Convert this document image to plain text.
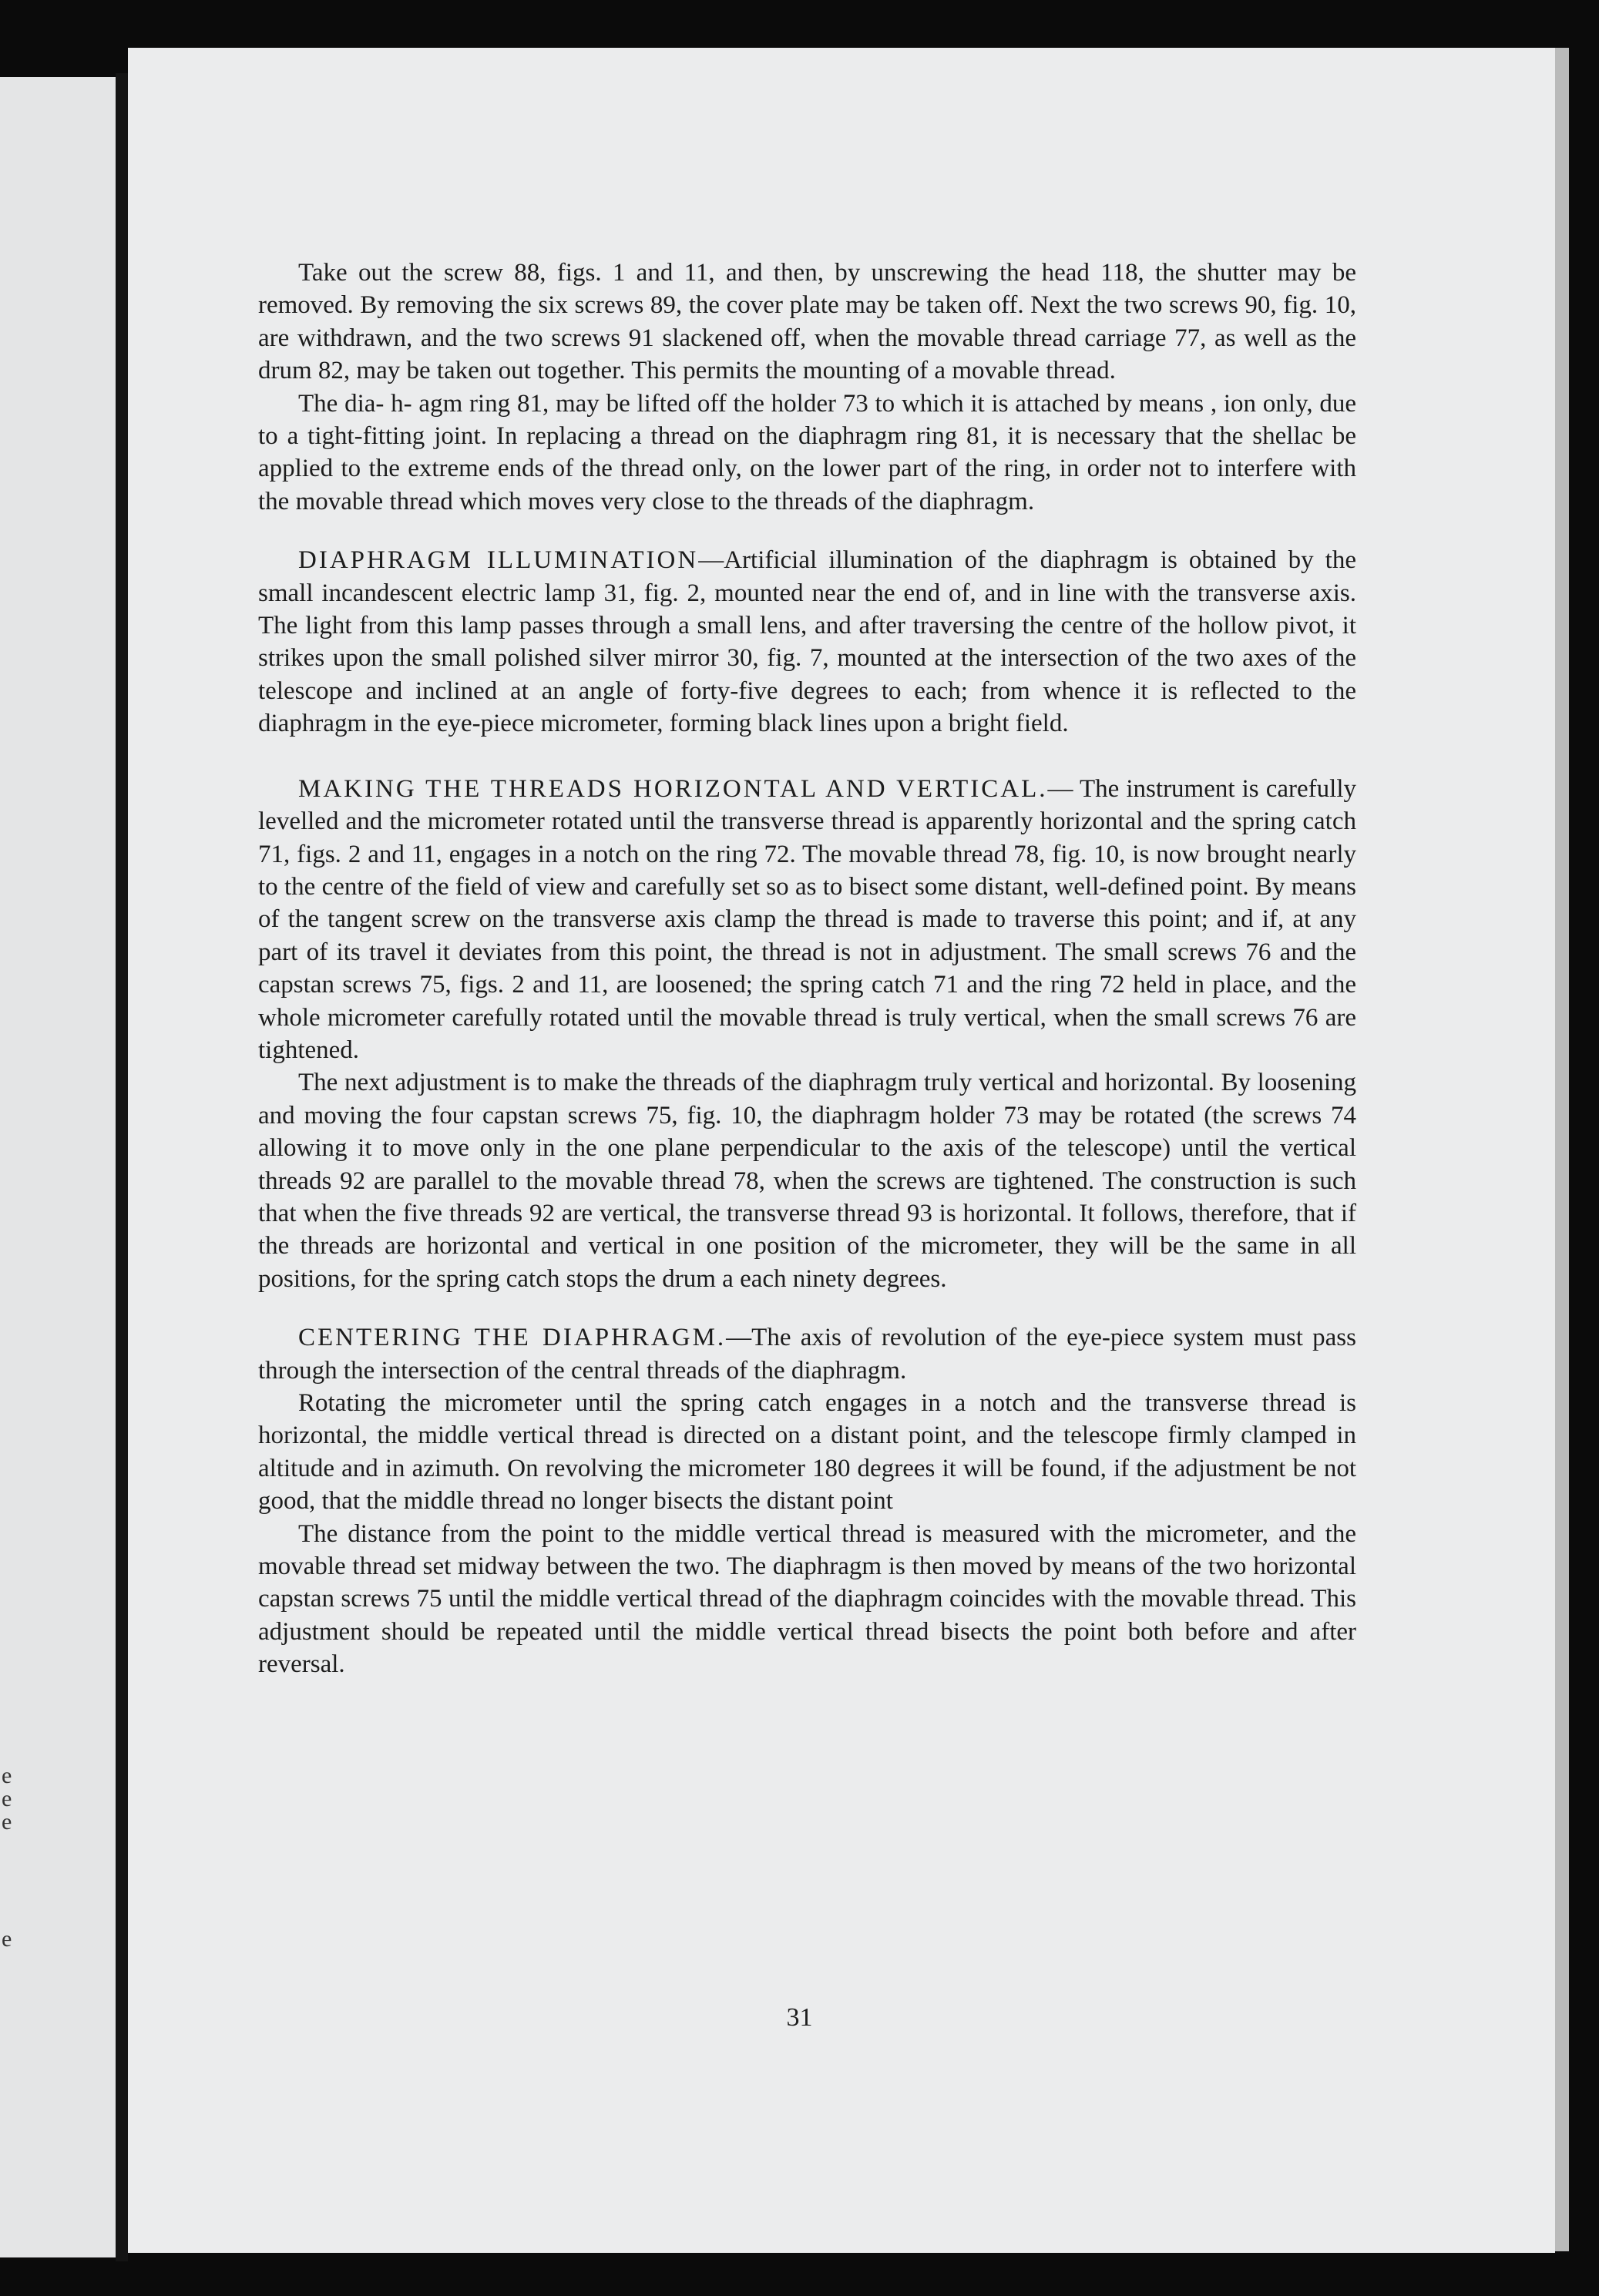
e
e
e
e

Take out the screw 88, figs. 1 and 11, and then, by unscrewing the head 118, the shutter may be removed. By removing the six screws 89, the cover plate may be taken off. Next the two screws 90, fig. 10, are withdrawn, and the two screws 91 slackened off, when the movable thread carriage 77, as well as the drum 82, may be taken out together. This permits the mounting of a movable thread.

The dia- h- agm ring 81, may be lifted off the holder 73 to which it is attached by means , ion only, due to a tight-fitting joint. In replacing a thread on the diaphragm ring 81, it is necessary that the shellac be applied to the extreme ends of the thread only, on the lower part of the ring, in order not to interfere with the movable thread which moves very close to the threads of the diaphragm.

DIAPHRAGM ILLUMINATION—Artificial illumination of the diaphragm is obtained by the small incandescent electric lamp 31, fig. 2, mounted near the end of, and in line with the transverse axis. The light from this lamp passes through a small lens, and after traversing the centre of the hollow pivot, it strikes upon the small polished silver mirror 30, fig. 7, mounted at the intersection of the two axes of the telescope and inclined at an angle of forty-five degrees to each; from whence it is reflected to the diaphragm in the eye-piece micrometer, forming black lines upon a bright field.

MAKING THE THREADS HORIZONTAL AND VERTICAL.— The instrument is carefully levelled and the micrometer rotated until the transverse thread is apparently horizontal and the spring catch 71, figs. 2 and 11, engages in a notch on the ring 72. The movable thread 78, fig. 10, is now brought nearly to the centre of the field of view and carefully set so as to bisect some distant, well-defined point. By means of the tangent screw on the transverse axis clamp the thread is made to traverse this point; and if, at any part of its travel it deviates from this point, the thread is not in adjustment. The small screws 76 and the capstan screws 75, figs. 2 and 11, are loosened; the spring catch 71 and the ring 72 held in place, and the whole micrometer carefully rotated until the movable thread is truly vertical, when the small screws 76 are tightened.

The next adjustment is to make the threads of the diaphragm truly vertical and horizontal. By loosening and moving the four capstan screws 75, fig. 10, the diaphragm holder 73 may be rotated (the screws 74 allowing it to move only in the one plane perpendicular to the axis of the telescope) until the vertical threads 92 are parallel to the movable thread 78, when the screws are tightened. The construction is such that when the five threads 92 are vertical, the transverse thread 93 is horizontal. It follows, therefore, that if the threads are horizontal and vertical in one position of the micrometer, they will be the same in all positions, for the spring catch stops the drum a each ninety degrees.

CENTERING THE DIAPHRAGM.—The axis of revolution of the eye-piece system must pass through the intersection of the central threads of the diaphragm.

Rotating the micrometer until the spring catch engages in a notch and the transverse thread is horizontal, the middle vertical thread is directed on a distant point, and the telescope firmly clamped in altitude and in azimuth. On revolving the micrometer 180 degrees it will be found, if the adjustment be not good, that the middle thread no longer bisects the distant point

The distance from the point to the middle vertical thread is measured with the micrometer, and the movable thread set midway between the two. The diaphragm is then moved by means of the two horizontal capstan screws 75 until the middle vertical thread of the diaphragm coincides with the movable thread. This adjustment should be repeated until the middle vertical thread bisects the point both before and after reversal.

31
